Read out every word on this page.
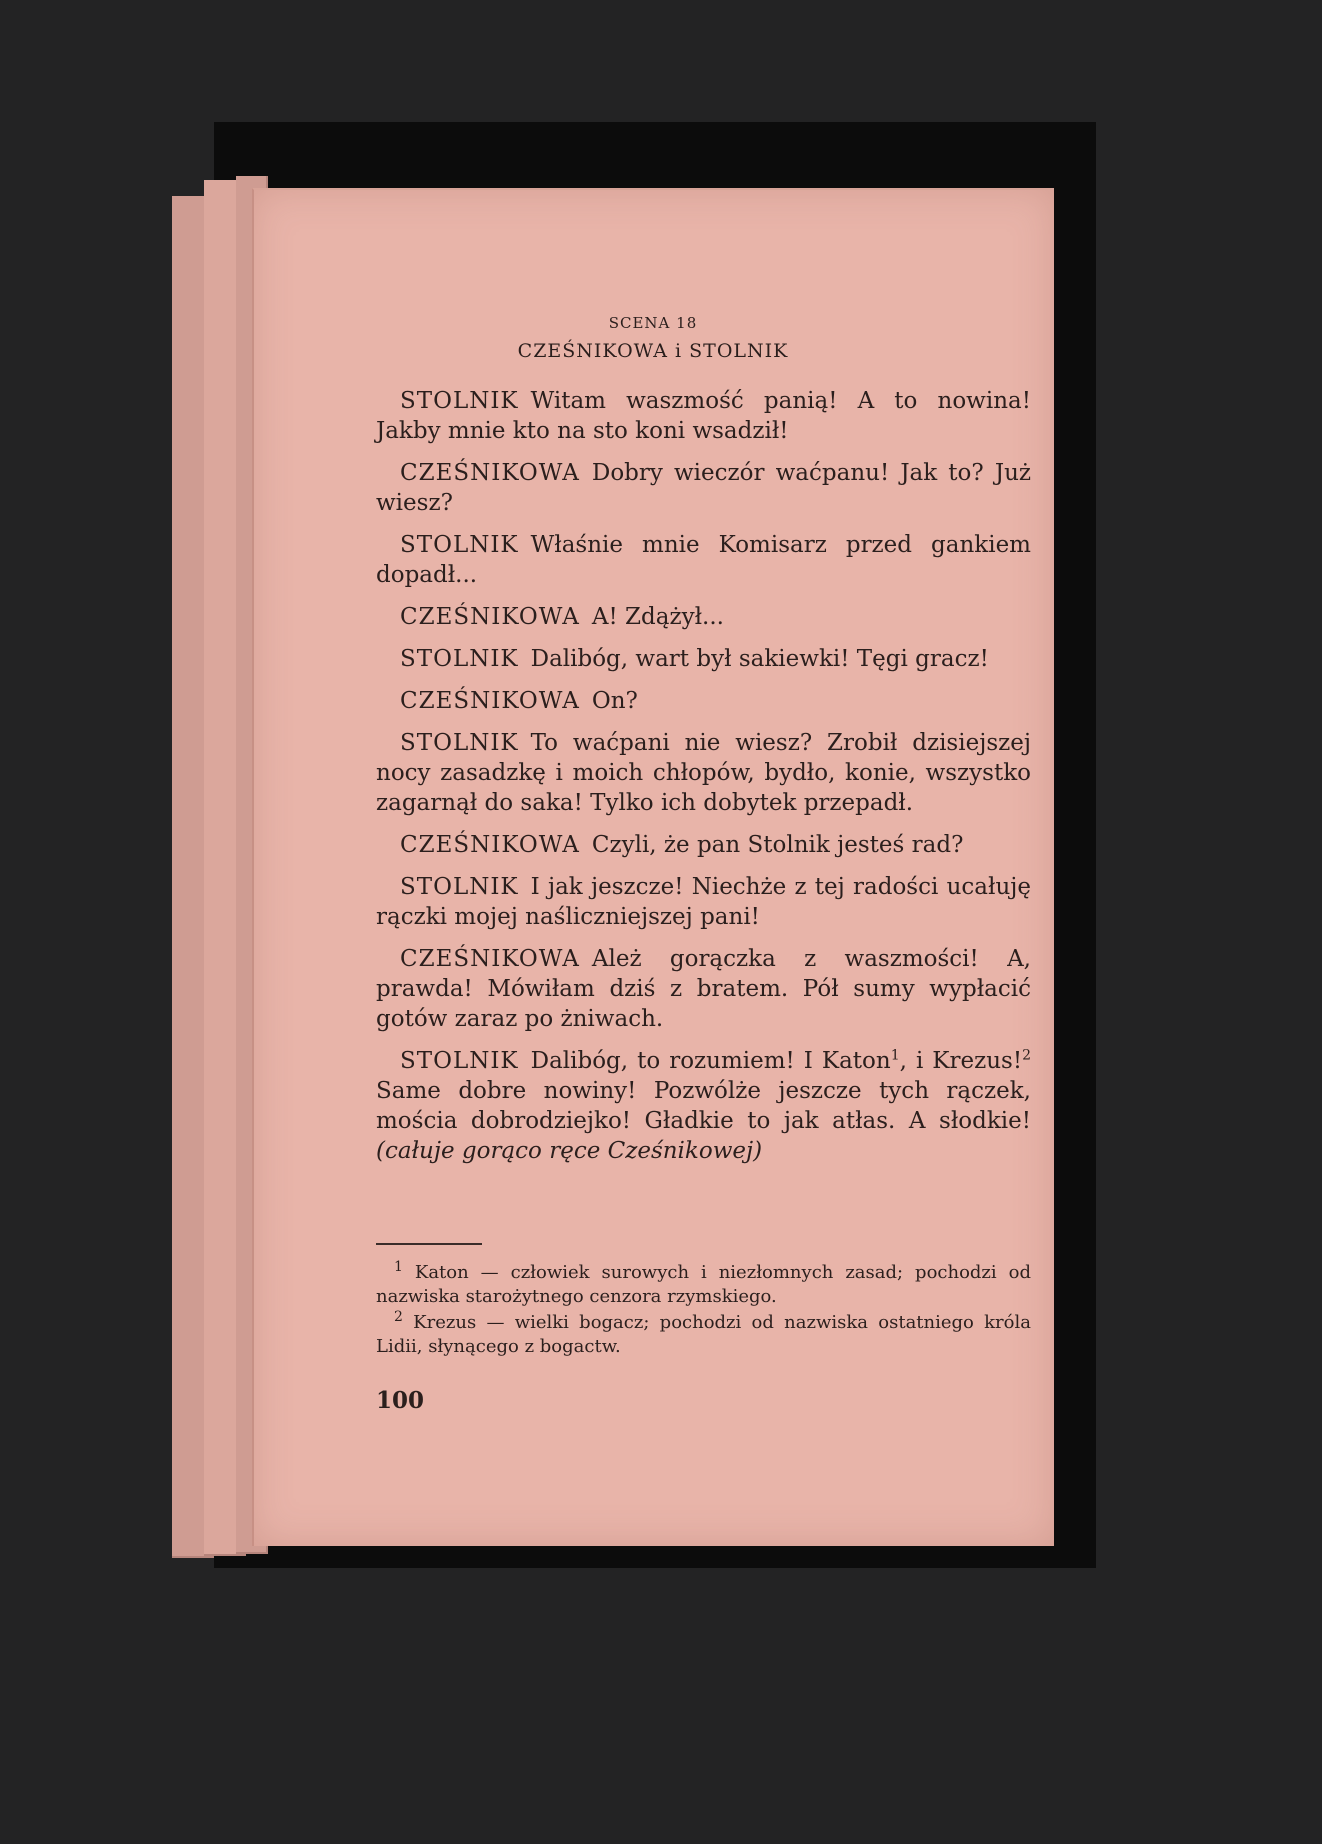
SCENA 18
CZEŚNIKOWA i STOLNIK

STOLNIK Witam waszmość panią! A to nowina! Jakby mnie kto na sto koni wsadził!

CZEŚNIKOWA Dobry wieczór waćpanu! Jak to? Już wiesz?

STOLNIK Właśnie mnie Komisarz przed gankiem dopadł...

CZEŚNIKOWA A! Zdążył...

STOLNIK Dalibóg, wart był sakiewki! Tęgi gracz!

CZEŚNIKOWA On?

STOLNIK To waćpani nie wiesz? Zrobił dzisiejszej nocy zasadzkę i moich chłopów, bydło, konie, wszystko zagarnął do saka! Tylko ich dobytek przepadł.

CZEŚNIKOWA Czyli, że pan Stolnik jesteś rad?

STOLNIK I jak jeszcze! Niechże z tej radości ucałuję rączki mojej naśliczniejszej pani!

CZEŚNIKOWA Ależ gorączka z waszmości! A, prawda! Mówiłam dziś z bratem. Pół sumy wypłacić gotów zaraz po żniwach.

STOLNIK Dalibóg, to rozumiem! I Katon$^1$, i Krezus!$^2$ Same dobre nowiny! Pozwólże jeszcze tych rączek, mościa dobrodziejko! Gładkie to jak atłas. A słodkie! (całuje gorąco ręce Cześnikowej)

$^1$ Katon — człowiek surowych i niezłomnych zasad; pochodzi od nazwiska starożytnego cenzora rzymskiego.

$^2$ Krezus — wielki bogacz; pochodzi od nazwiska ostatniego króla Lidii, słynącego z bogactw.

100
